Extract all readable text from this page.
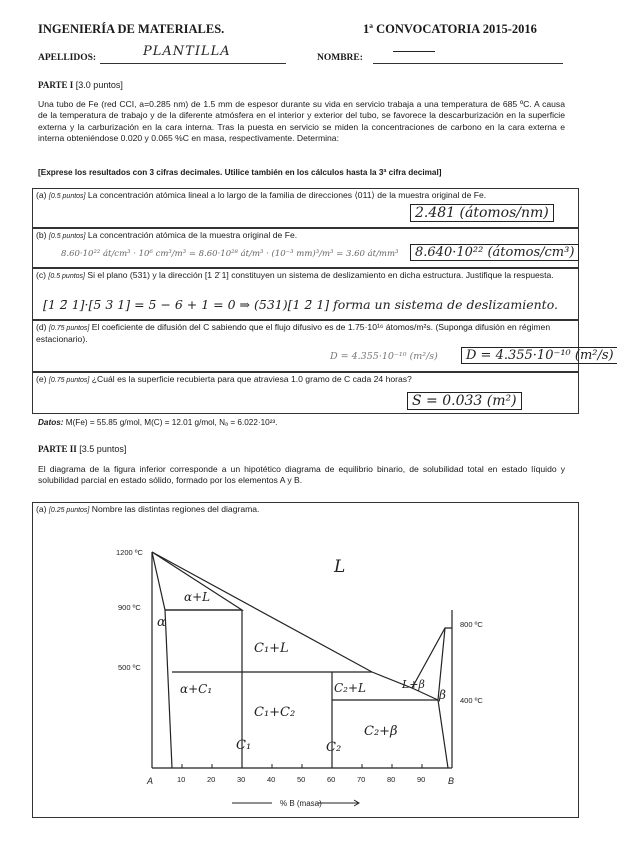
INGENIERÍA DE MATERIALES.	1ª CONVOCATORIA 2015-2016
APELLIDOS:	PLANTILLA	NOMBRE:
PARTE I [3.0 puntos]
Una tubo de Fe (red CCI, a=0.285 nm) de 1.5 mm de espesor durante su vida en servicio trabaja a una temperatura de 685 ºC. A causa de la temperatura de trabajo y de la diferente atmósfera en el interior y exterior del tubo, se favorece la descarburización en la superficie externa y la carburización en la cara interna. Tras la puesta en servicio se miden la concentraciones de carbono en la cara externa e interna obteniéndose 0.020 y 0.065 %C en masa, respectivamente. Determina:
[Exprese los resultados con 3 cifras decimales. Utilice también en los cálculos hasta la 3ª cifra decimal]
(a) [0.5 puntos] La concentración atómica lineal a lo largo de la familia de direcciones ⟨011⟩ de la muestra original de Fe.
2.481 (átomos/nm)
(b) [0.5 puntos] La concentración atómica de la muestra original de Fe.
8.60·10²² át/cm³ · 10⁶ cm³/m³ = 8.60·10²⁸ át/m³ · (10⁻³ mm)³/m³ = 3.60 át/mm³	8.640·10²² (átomos/cm³)
(c) [0.5 puntos] Si el plano (531) y la dirección [1 2̄ 1] constituyen un sistema de deslizamiento en dicha estructura. Justifique la respuesta.
[1 2̄ 1]·[5 3 1] = 5 − 6 + 1 = 0 ⇒ (531)[1 2̄ 1] forma un sistema de deslizamiento.
(d) [0.75 puntos] El coeficiente de difusión del C sabiendo que el flujo difusivo es de 1.75·10¹⁶ átomos/m²s. (Suponga difusión en régimen estacionario).
D = 4.355·10⁻¹⁰ (m²/s)	D = 4.355·10⁻¹⁰ (m²/s)
(e) [0.75 puntos] ¿Cuál es la superficie recubierta para que atraviesa 1.0 gramo de C cada 24 horas?
S = 0.033 (m²)
Datos: M(Fe) = 55.85 g/mol, M(C) = 12.01 g/mol, Nₐ = 6.022·10²³.
PARTE II [3.5 puntos]
El diagrama de la figura inferior corresponde a un hipotético diagrama de equilibrio binario, de solubilidad total en estado líquido y solubilidad parcial en estado sólido, formado por los elementos A y B.
(a) [0.25 puntos] Nombre las distintas regiones del diagrama.
1200 ºC
900 ºC
500 ºC
800 ºC
400 ºC
10	20	30	40	50	60	70	80	90
A	B
% B (masa)
L
α+L
α
C₁+L
α+C₁	C₂+L	L+β
β
C₁+C₂
C₂+β
C₁	C₂
